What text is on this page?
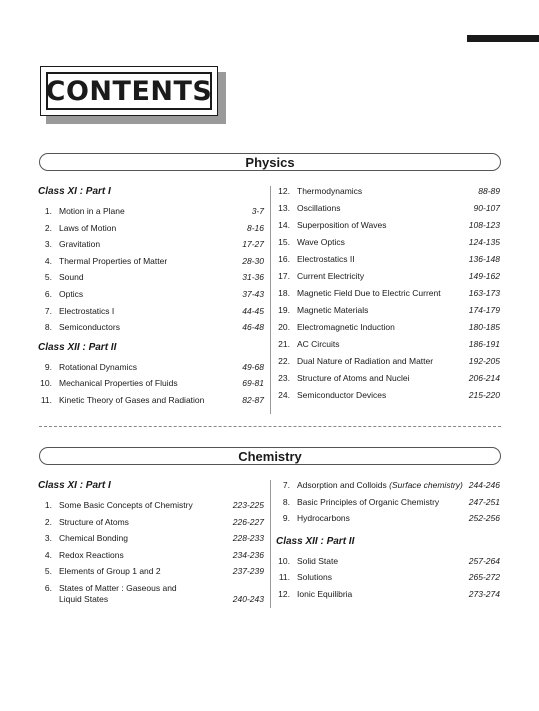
CONTENTS
Physics
Class XI : Part I
1. Motion in a Plane	3-7
2. Laws of Motion	8-16
3. Gravitation	17-27
4. Thermal Properties of Matter	28-30
5. Sound	31-36
6. Optics	37-43
7. Electrostatics I	44-45
8. Semiconductors	46-48
Class XII : Part II
9. Rotational Dynamics	49-68
10. Mechanical Properties of Fluids	69-81
11. Kinetic Theory of Gases and Radiation	82-87
12. Thermodynamics	88-89
13. Oscillations	90-107
14. Superposition of Waves	108-123
15. Wave Optics	124-135
16. Electrostatics II	136-148
17. Current Electricity	149-162
18. Magnetic Field Due to Electric Current	163-173
19. Magnetic Materials	174-179
20. Electromagnetic Induction	180-185
21. AC Circuits	186-191
22. Dual Nature of Radiation and Matter	192-205
23. Structure of Atoms and Nuclei	206-214
24. Semiconductor Devices	215-220
Chemistry
Class XI : Part I
1. Some Basic Concepts of Chemistry	223-225
2. Structure of Atoms	226-227
3. Chemical Bonding	228-233
4. Redox Reactions	234-236
5. Elements of Group 1 and 2	237-239
6. States of Matter : Gaseous and
Liquid States	240-243
7. Adsorption and Colloids (Surface chemistry) 244-246
8. Basic Principles of Organic Chemistry	247-251
9. Hydrocarbons	252-256
Class XII : Part II
10. Solid State	257-264
11. Solutions	265-272
12. Ionic Equilibria	273-274
